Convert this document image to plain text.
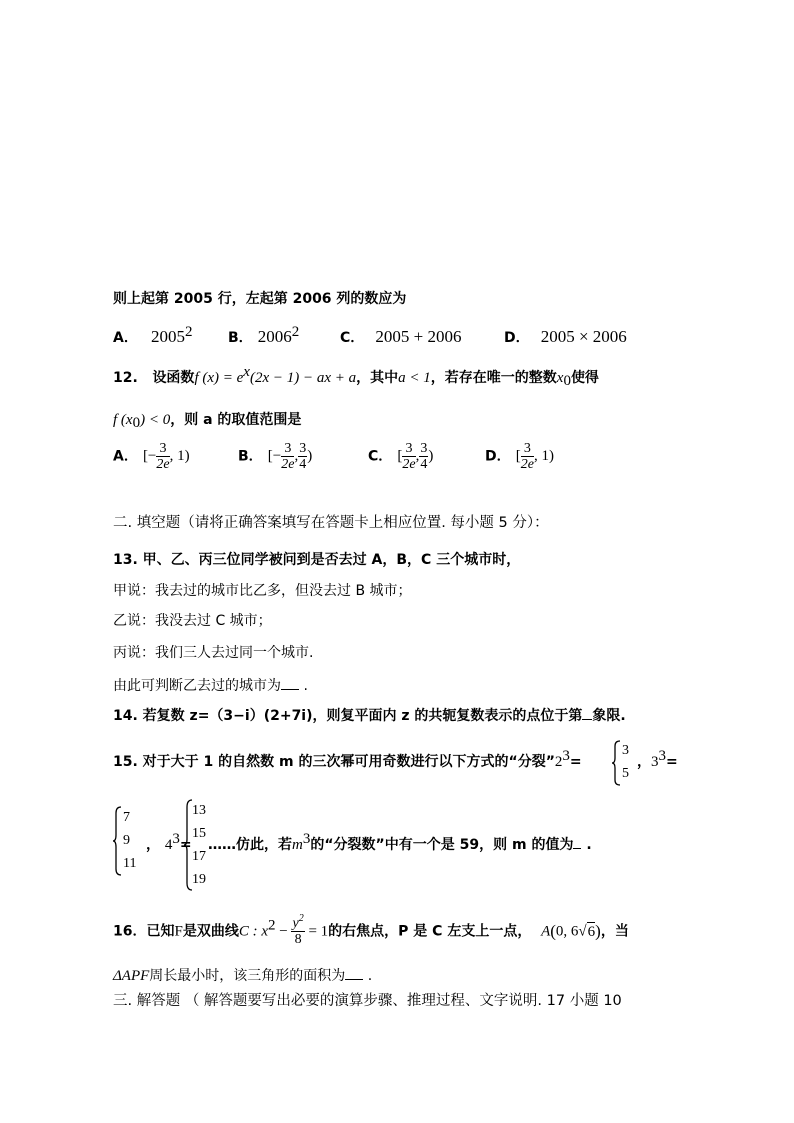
则上起第 2005 行，左起第 2006 列的数应为
A． 2005$^2$	B． 2006$^2$	C． 2005 + 2006	D． 2005 × 2006
12. 设函数f $(x) = e^x(2x - 1)$ − ax + a，其中a < 1，若存在唯一的整数$x_0$使得
f $(x_0) < 0$，则 a 的取值范围是
A． [− $\frac{3}{2e}$ , 1)	B． [− $\frac{3}{2e}$ , $\frac{3}{4}$ )	C． [ $\frac{3}{2e}$ , $\frac{3}{4}$ )	D． [ $\frac{3}{2e}$ , 1)
二. 填空题（请将正确答案填写在答题卡上相应位置. 每小题 5 分）：
13. 甲、乙、丙三位同学被问到是否去过 A，B，C 三个城市时，
甲说：我去过的城市比乙多，但没去过 B 城市；
乙说：我没去过 C 城市；
丙说：我们三人去过同一个城市.
由此可判断乙去过的城市为 .
14. 若复数 z=（3−i）(2+7i)，则复平面内 z 的共轭复数表示的点位于第 象限.
15. 对于大于 1 的自然数 m 的三次幂可用奇数进行以下方式的“分裂$”2^3=$
3
5
，$3^3=$
7
9
11
， $4^3=$
13
15
17
19
……仿此，若$m^3$的“分裂数”中有一个是 59，则 m 的值为 .
16．已知F是双曲线C : $x^2 - \frac{y^2}{8} = 1$的右焦点，P 是 C 左支上一点， A(0, 6√6)，当
ΔAPF周长最小时，该三角形的面积为 .
三. 解答题 （ 解答题要写出必要的演算步骤、推理过程、文字说明. 17 小题 10
